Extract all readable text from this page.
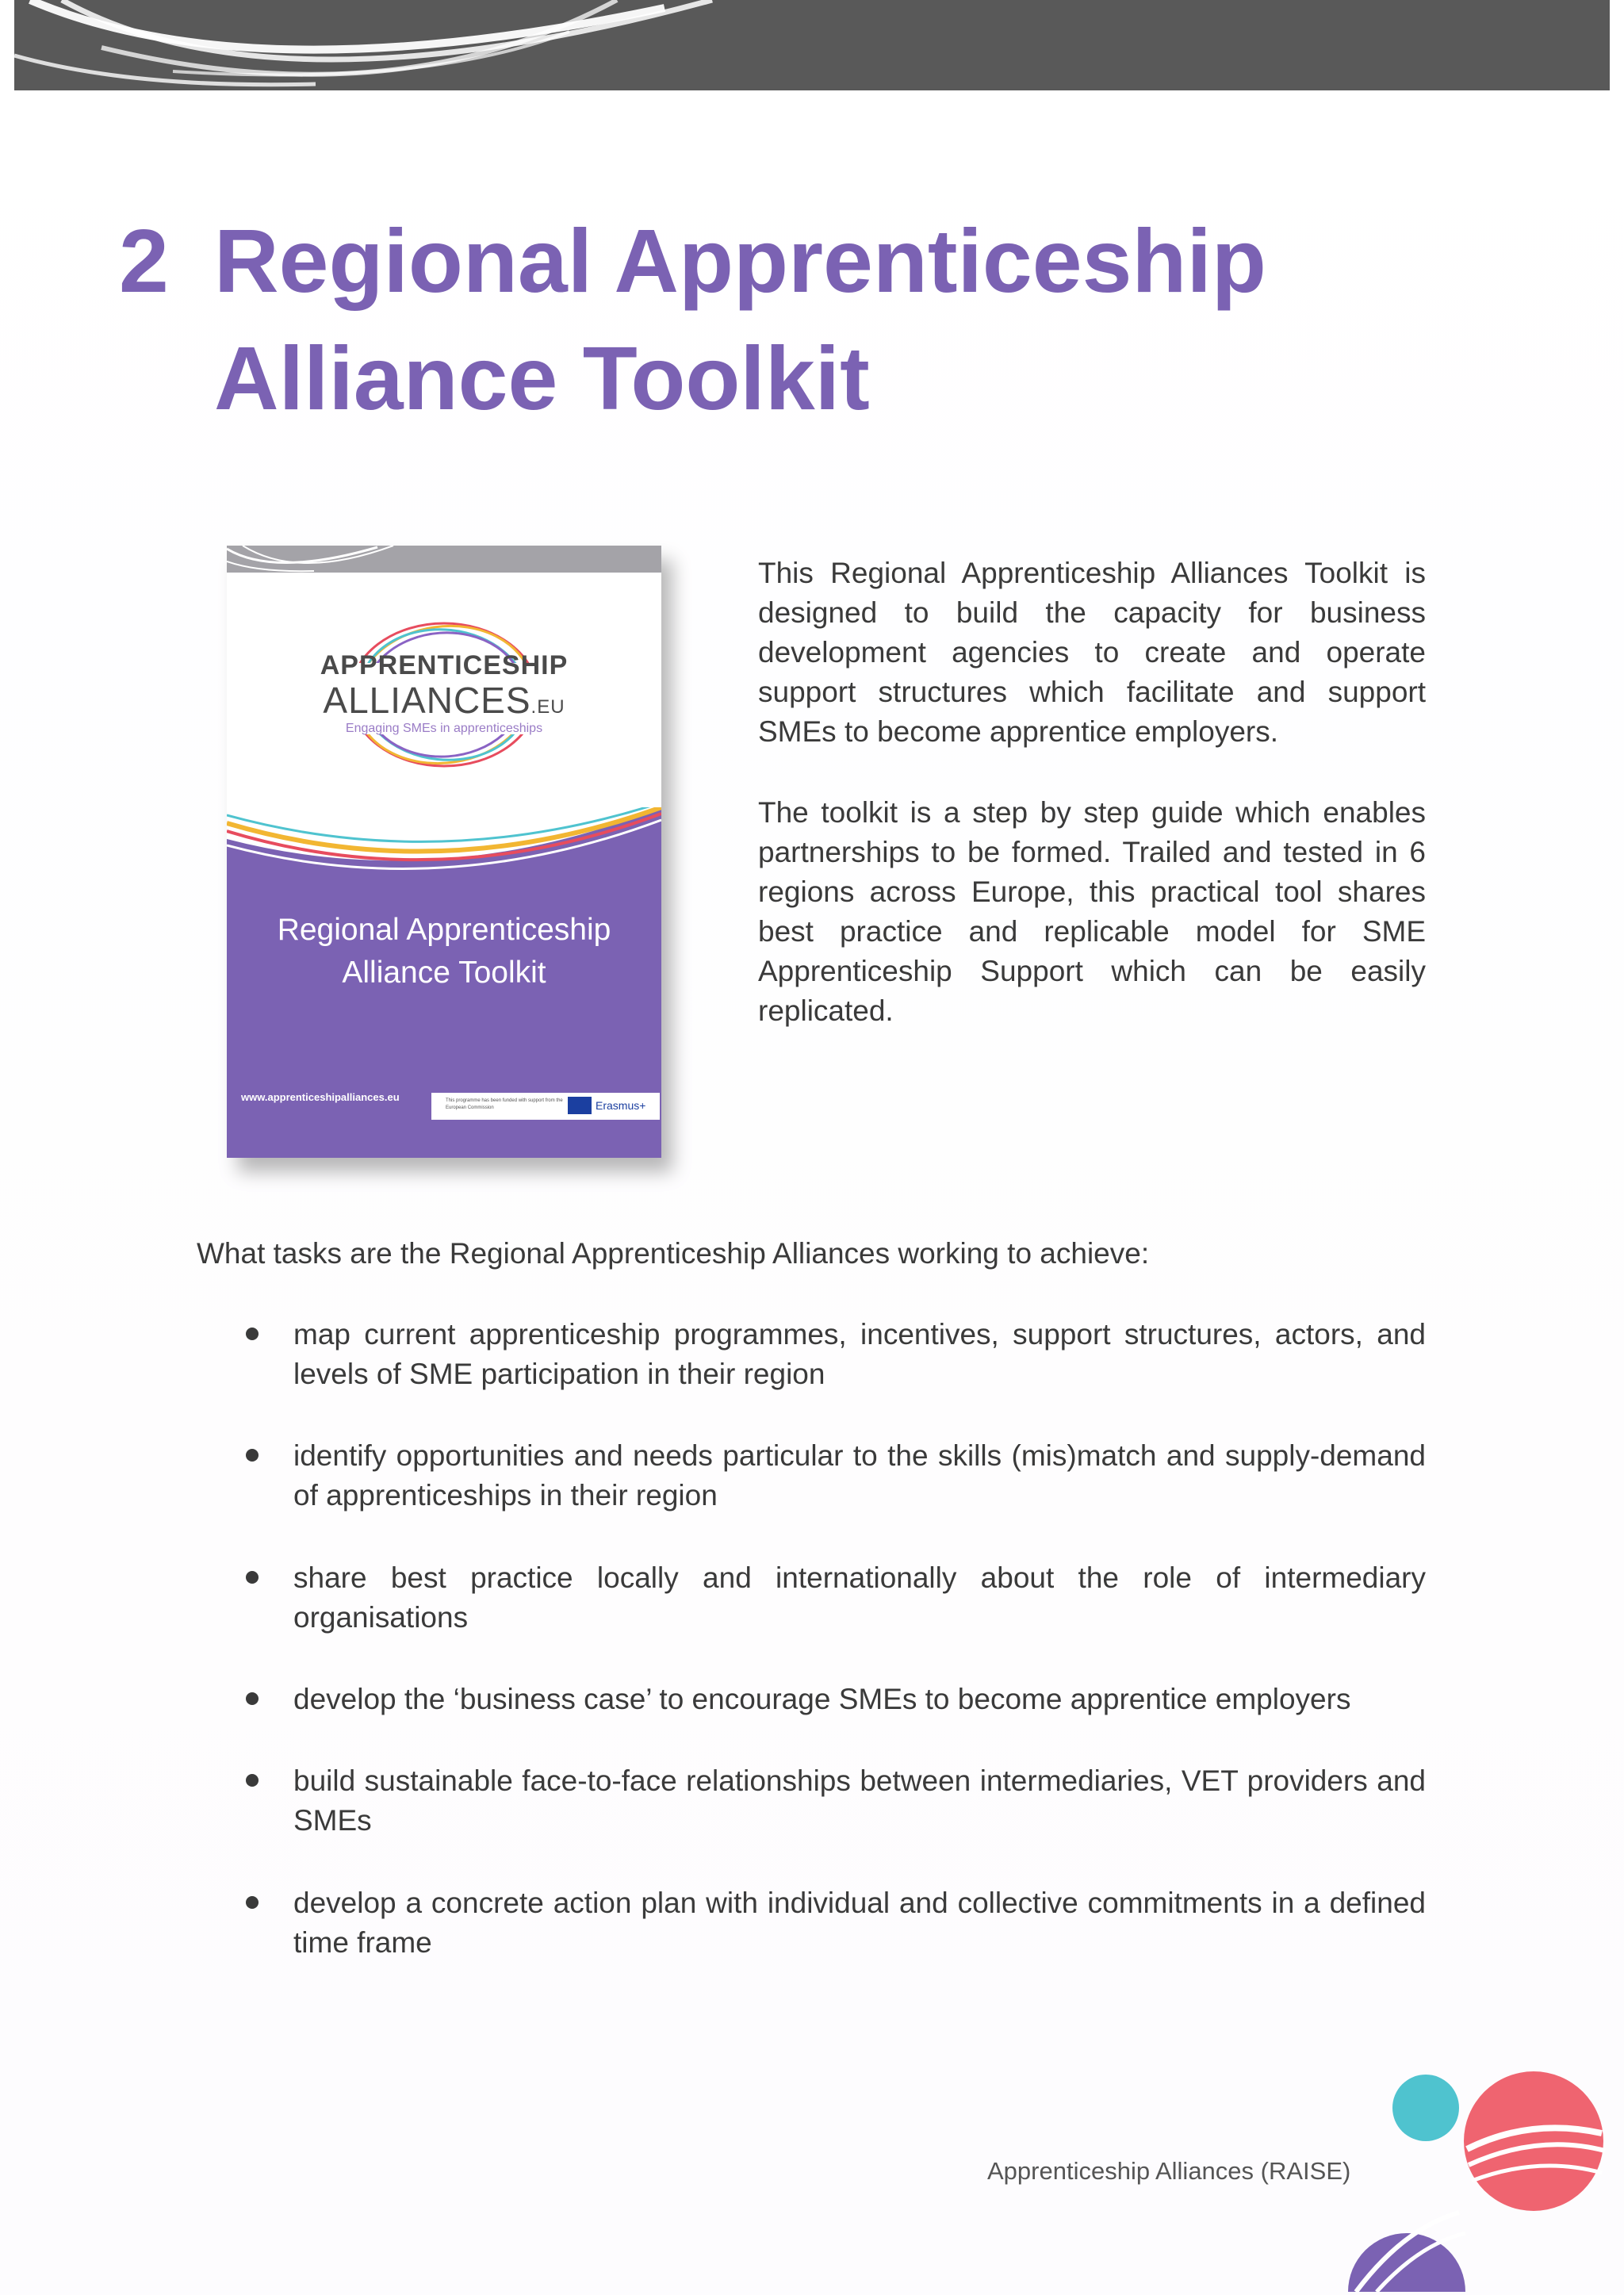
2 Regional Apprenticeship
Alliance Toolkit
APPRENTICESHIP
ALLIANCES.EU
Engaging SMEs in apprenticeships
Regional Apprenticeship
Alliance Toolkit
www.apprenticeshipalliances.eu	This programme has been funded with support from the European Commission	Erasmus+

This Regional Apprenticeship Alliances Toolkit is designed to build the capacity for business development agencies to create and operate support structures which facilitate and support SMEs to become apprentice employers.

The toolkit is a step by step guide which enables partnerships to be formed. Trailed and tested in 6 regions across Europe, this practical tool shares best practice and replicable model for SME Apprenticeship Support which can be easily replicated.

What tasks are the Regional Apprenticeship Alliances working to achieve:
map current apprenticeship programmes, incentives, support structures, actors, and levels of SME participation in their region
identify opportunities and needs particular to the skills (mis)match and supply-demand of apprenticeships in their region
share best practice locally and internationally about the role of intermediary organisations
develop the ‘business case’ to encourage SMEs to become apprentice employers
build sustainable face-to-face relationships between intermediaries, VET providers and SMEs
develop a concrete action plan with individual and collective commitments in a defined time frame
Apprenticeship Alliances (RAISE)
